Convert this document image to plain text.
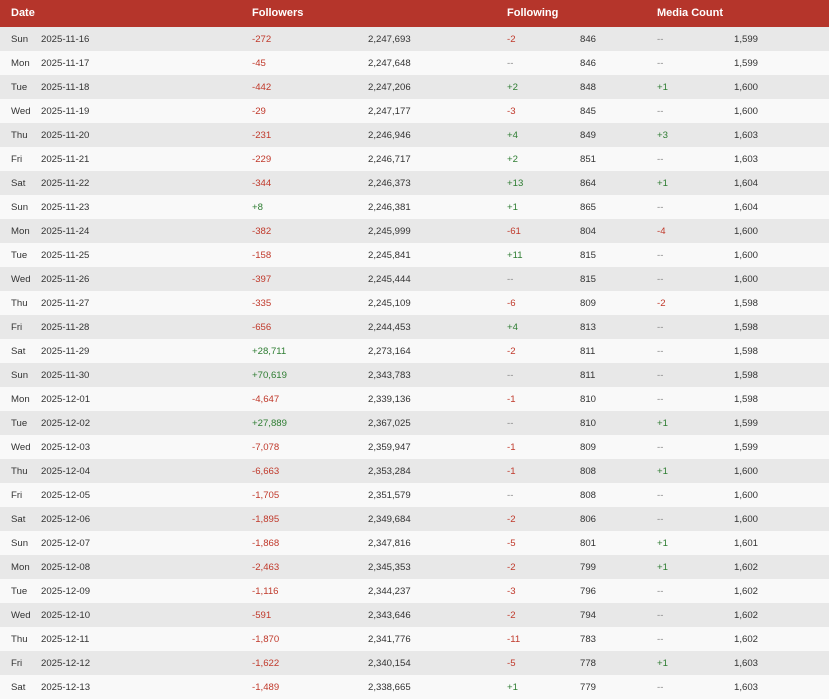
Date	Followers	Following	Media Count
Sun 2025-11-16	-272	2,247,693	-2	846	--	1,599
Mon 2025-11-17	-45	2,247,648	--	846	--	1,599
Tue 2025-11-18	-442	2,247,206	+2	848	+1	1,600
Wed 2025-11-19	-29	2,247,177	-3	845	--	1,600
Thu 2025-11-20	-231	2,246,946	+4	849	+3	1,603
Fri 2025-11-21	-229	2,246,717	+2	851	--	1,603
Sat 2025-11-22	-344	2,246,373	+13	864	+1	1,604
Sun 2025-11-23	+8	2,246,381	+1	865	--	1,604
Mon 2025-11-24	-382	2,245,999	-61	804	-4	1,600
Tue 2025-11-25	-158	2,245,841	+11	815	--	1,600
Wed 2025-11-26	-397	2,245,444	--	815	--	1,600
Thu 2025-11-27	-335	2,245,109	-6	809	-2	1,598
Fri 2025-11-28	-656	2,244,453	+4	813	--	1,598
Sat 2025-11-29	+28,711	2,273,164	-2	811	--	1,598
Sun 2025-11-30	+70,619	2,343,783	--	811	--	1,598
Mon 2025-12-01	-4,647	2,339,136	-1	810	--	1,598
Tue 2025-12-02	+27,889	2,367,025	--	810	+1	1,599
Wed 2025-12-03	-7,078	2,359,947	-1	809	--	1,599
Thu 2025-12-04	-6,663	2,353,284	-1	808	+1	1,600
Fri 2025-12-05	-1,705	2,351,579	--	808	--	1,600
Sat 2025-12-06	-1,895	2,349,684	-2	806	--	1,600
Sun 2025-12-07	-1,868	2,347,816	-5	801	+1	1,601
Mon 2025-12-08	-2,463	2,345,353	-2	799	+1	1,602
Tue 2025-12-09	-1,116	2,344,237	-3	796	--	1,602
Wed 2025-12-10	-591	2,343,646	-2	794	--	1,602
Thu 2025-12-11	-1,870	2,341,776	-11	783	--	1,602
Fri 2025-12-12	-1,622	2,340,154	-5	778	+1	1,603
Sat 2025-12-13	-1,489	2,338,665	+1	779	--	1,603
